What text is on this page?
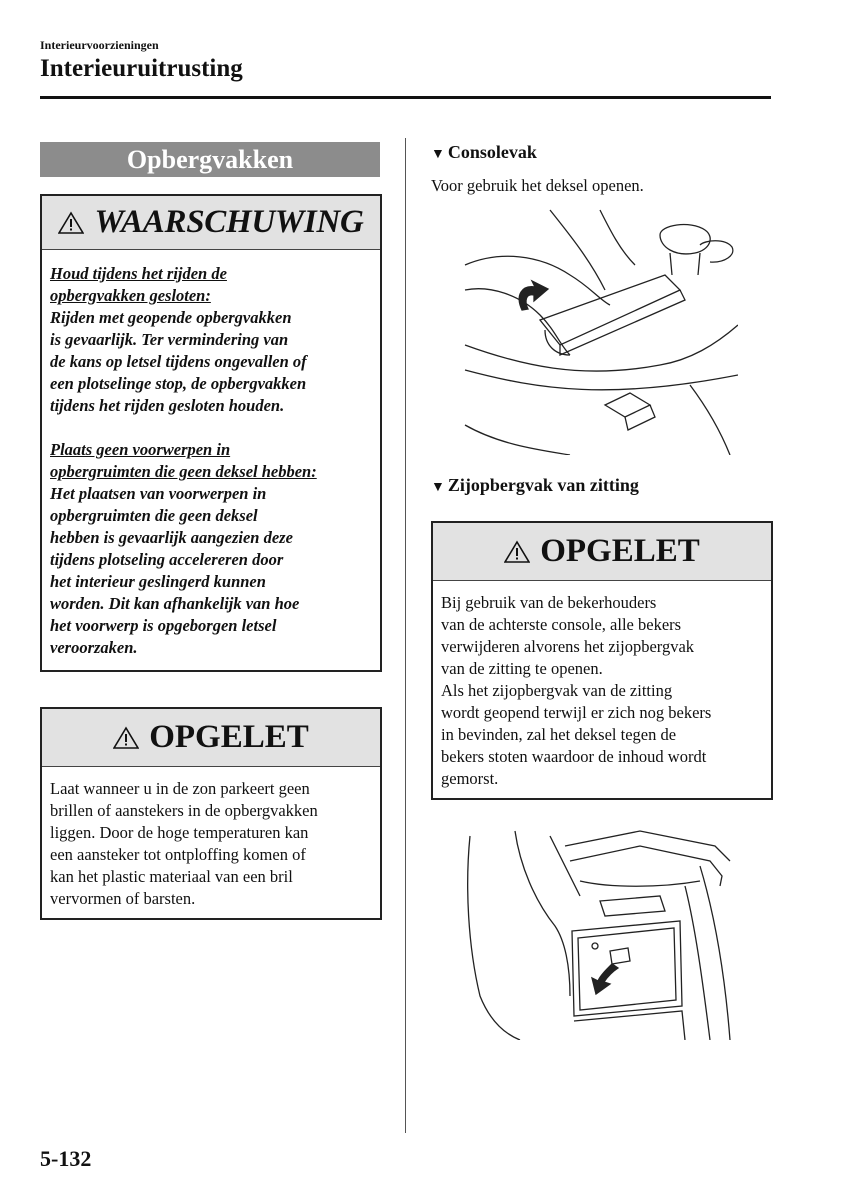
Interieurvoorzieningen
Interieuruitrusting
Opbergvakken
WAARSCHUWING
Houd tijdens het rijden de
opbergvakken gesloten:
Rijden met geopende opbergvakken
is gevaarlijk. Ter vermindering van
de kans op letsel tijdens ongevallen of
een plotselinge stop, de opbergvakken
tijdens het rijden gesloten houden.
Plaats geen voorwerpen in
opbergruimten die geen deksel hebben:
Het plaatsen van voorwerpen in
opbergruimten die geen deksel
hebben is gevaarlijk aangezien deze
tijdens plotseling accelereren door
het interieur geslingerd kunnen
worden. Dit kan afhankelijk van hoe
het voorwerp is opgeborgen letsel
veroorzaken.
OPGELET
Laat wanneer u in de zon parkeert geen
brillen of aanstekers in de opbergvakken
liggen. Door de hoge temperaturen kan
een aansteker tot ontploffing komen of
kan het plastic materiaal van een bril
vervormen of barsten.
▼ Consolevak
Voor gebruik het deksel openen.
▼ Zijopbergvak van zitting
OPGELET
Bij gebruik van de bekerhouders
van de achterste console, alle bekers
verwijderen alvorens het zijopbergvak
van de zitting te openen.
Als het zijopbergvak van de zitting
wordt geopend terwijl er zich nog bekers
in bevinden, zal het deksel tegen de
bekers stoten waardoor de inhoud wordt
gemorst.
5-132
